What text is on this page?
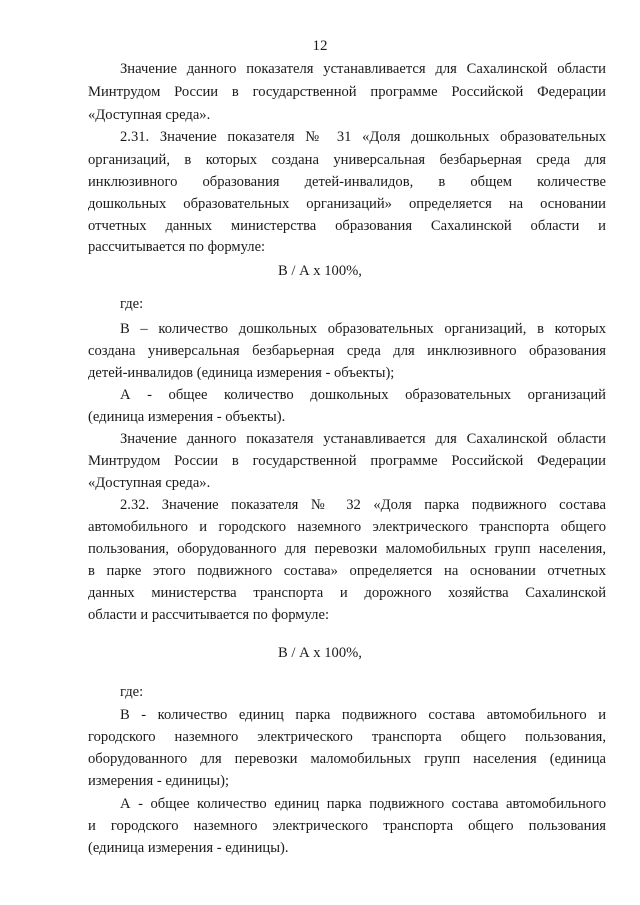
12
Значение данного показателя устанавливается для Сахалинской области
Минтрудом России в государственной программе Российской Федерации
«Доступная среда».
2.31. Значение показателя № 31 «Доля дошкольных образовательных
организаций, в которых создана универсальная безбарьерная среда для
инклюзивного образования детей-инвалидов, в общем количестве
дошкольных образовательных организаций» определяется на основании
отчетных данных министерства образования Сахалинской области и
рассчитывается по формуле:
В / А х 100%,
где:
В – количество дошкольных образовательных организаций, в которых
создана универсальная безбарьерная среда для инклюзивного образования
детей-инвалидов (единица измерения - объекты);
А - общее количество дошкольных образовательных организаций
(единица измерения - объекты).
Значение данного показателя устанавливается для Сахалинской области
Минтрудом России в государственной программе Российской Федерации
«Доступная среда».
2.32. Значение показателя № 32 «Доля парка подвижного состава
автомобильного и городского наземного электрического транспорта общего
пользования, оборудованного для перевозки маломобильных групп населения,
в парке этого подвижного состава» определяется на основании отчетных
данных министерства транспорта и дорожного хозяйства Сахалинской
области и рассчитывается по формуле:
В / А х 100%,
где:
В - количество единиц парка подвижного состава автомобильного и
городского наземного электрического транспорта общего пользования,
оборудованного для перевозки маломобильных групп населения (единица
измерения - единицы);
А - общее количество единиц парка подвижного состава автомобильного
и городского наземного электрического транспорта общего пользования
(единица измерения - единицы).
